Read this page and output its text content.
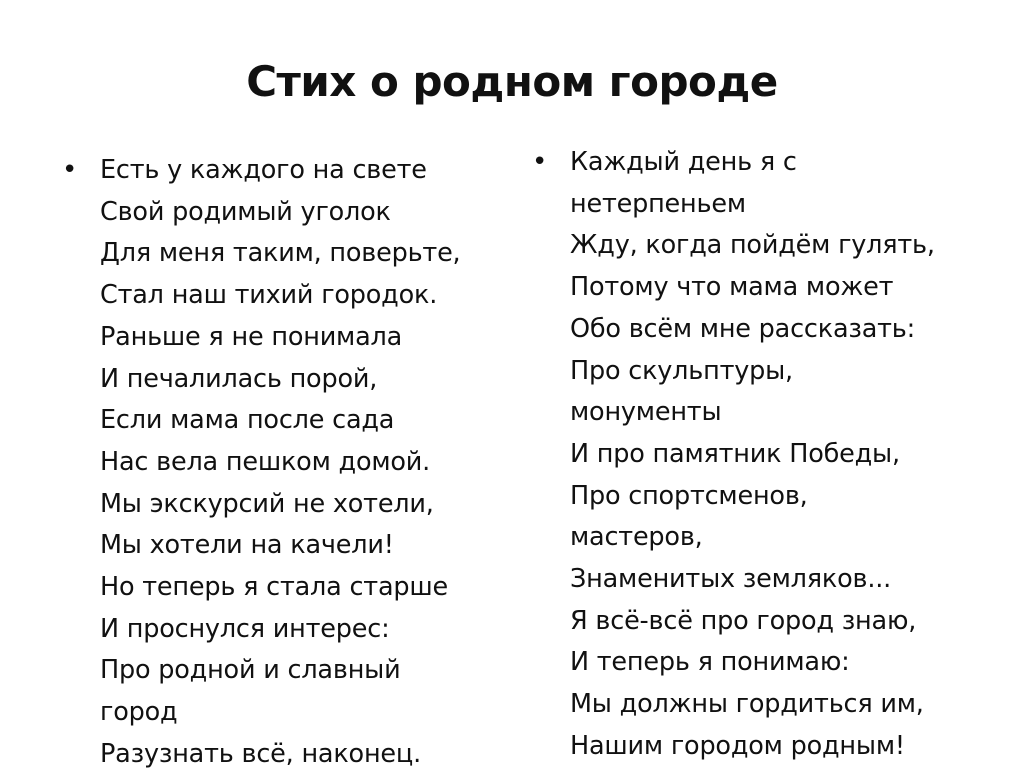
Стих о родном городе
• Есть у каждого на свете
Свой родимый уголок
Для меня таким, поверьте,
Стал наш тихий городок.
Раньше я не понимала
И печалилась порой,
Если мама после сада
Нас вела пешком домой.
Мы экскурсий не хотели,
Мы хотели на качели!
Но теперь я стала старше
И проснулся интерес:
Про родной и славный
город
Разузнать всё, наконец.
• Каждый день я с
нетерпеньем
Жду, когда пойдём гулять,
Потому что мама может
Обо всём мне рассказать:
Про скульптуры,
монументы
И про памятник Победы,
Про спортсменов,
мастеров,
Знаменитых земляков...
Я всё-всё про город знаю,
И теперь я понимаю:
Мы должны гордиться им,
Нашим городом родным!
